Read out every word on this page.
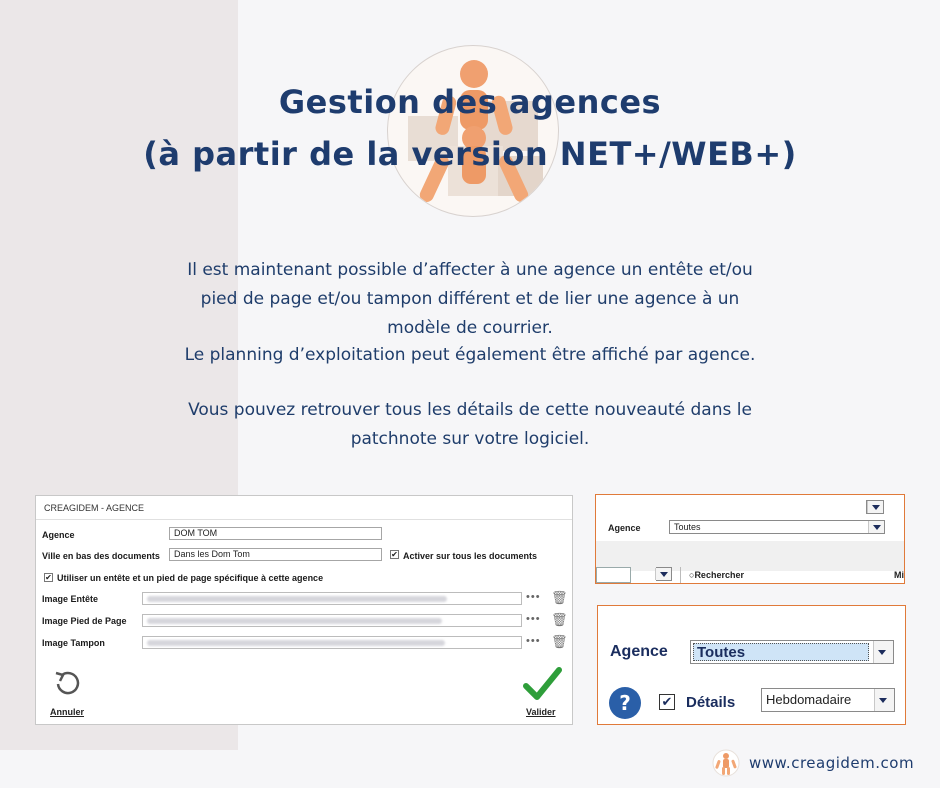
Gestion des agences
(à partir de la version NET+/WEB+)
Il est maintenant possible d’affecter à une agence un entête et/ou
pied de page et/ou tampon différent et de lier une agence à un
modèle de courrier.
Le planning d’exploitation peut également être affiché par agence.
Vous pouvez retrouver tous les détails de cette nouveauté dans le
patchnote sur votre logiciel.
CREAGIDEM - AGENCE
Agence	DOM TOM
Ville en bas des documents	Dans les Dom Tom	✔ Activer sur tous les documents
✔ Utiliser un entête et un pied de page spécifique à cette agence
Image Entête	••• 🗑
Image Pied de Page	••• 🗑
Image Tampon	••• 🗑
Annuler	Valider
Agence	Toutes
○Rechercher	Mi
Agence Toutes
? ✔ Détails	Hebdomadaire
www.creagidem.com
